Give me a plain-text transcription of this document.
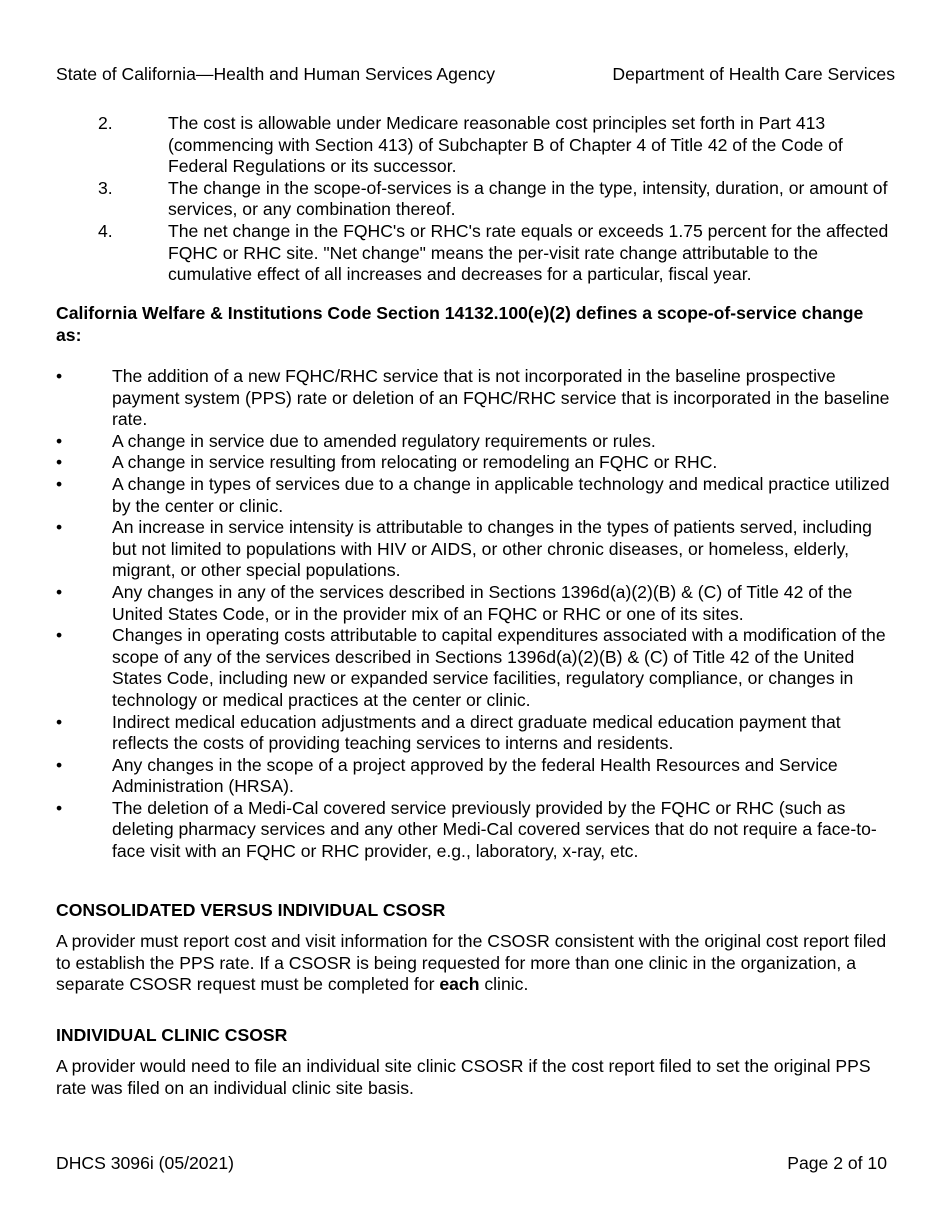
State of California—Health and Human Services Agency	Department of Health Care Services
2.	The cost is allowable under Medicare reasonable cost principles set forth in Part 413 (commencing with Section 413) of Subchapter B of Chapter 4 of Title 42 of the Code of Federal Regulations or its successor.
3.	The change in the scope-of-services is a change in the type, intensity, duration, or amount of services, or any combination thereof.
4.	The net change in the FQHC's or RHC's rate equals or exceeds 1.75 percent for the affected FQHC or RHC site. "Net change" means the per-visit rate change attributable to the cumulative effect of all increases and decreases for a particular, fiscal year.
California Welfare & Institutions Code Section 14132.100(e)(2) defines a scope-of-service change as:
•	The addition of a new FQHC/RHC service that is not incorporated in the baseline prospective payment system (PPS) rate or deletion of an FQHC/RHC service that is incorporated in the baseline rate.
•	A change in service due to amended regulatory requirements or rules.
•	A change in service resulting from relocating or remodeling an FQHC or RHC.
•	A change in types of services due to a change in applicable technology and medical practice utilized by the center or clinic.
•	An increase in service intensity is attributable to changes in the types of patients served, including but not limited to populations with HIV or AIDS, or other chronic diseases, or homeless, elderly, migrant, or other special populations.
•	Any changes in any of the services described in Sections 1396d(a)(2)(B) & (C) of Title 42 of the United States Code, or in the provider mix of an FQHC or RHC or one of its sites.
•	Changes in operating costs attributable to capital expenditures associated with a modification of the scope of any of the services described in Sections 1396d(a)(2)(B) & (C) of Title 42 of the United States Code, including new or expanded service facilities, regulatory compliance, or changes in technology or medical practices at the center or clinic.
•	Indirect medical education adjustments and a direct graduate medical education payment that reflects the costs of providing teaching services to interns and residents.
•	Any changes in the scope of a project approved by the federal Health Resources and Service Administration (HRSA).
•	The deletion of a Medi-Cal covered service previously provided by the FQHC or RHC (such as deleting pharmacy services and any other Medi-Cal covered services that do not require a face-to-face visit with an FQHC or RHC provider, e.g., laboratory, x-ray, etc.
CONSOLIDATED VERSUS INDIVIDUAL CSOSR
A provider must report cost and visit information for the CSOSR consistent with the original cost report filed to establish the PPS rate. If a CSOSR is being requested for more than one clinic in the organization, a separate CSOSR request must be completed for each clinic.
INDIVIDUAL CLINIC CSOSR
A provider would need to file an individual site clinic CSOSR if the cost report filed to set the original PPS rate was filed on an individual clinic site basis.
DHCS 3096i (05/2021)	Page 2 of 10
